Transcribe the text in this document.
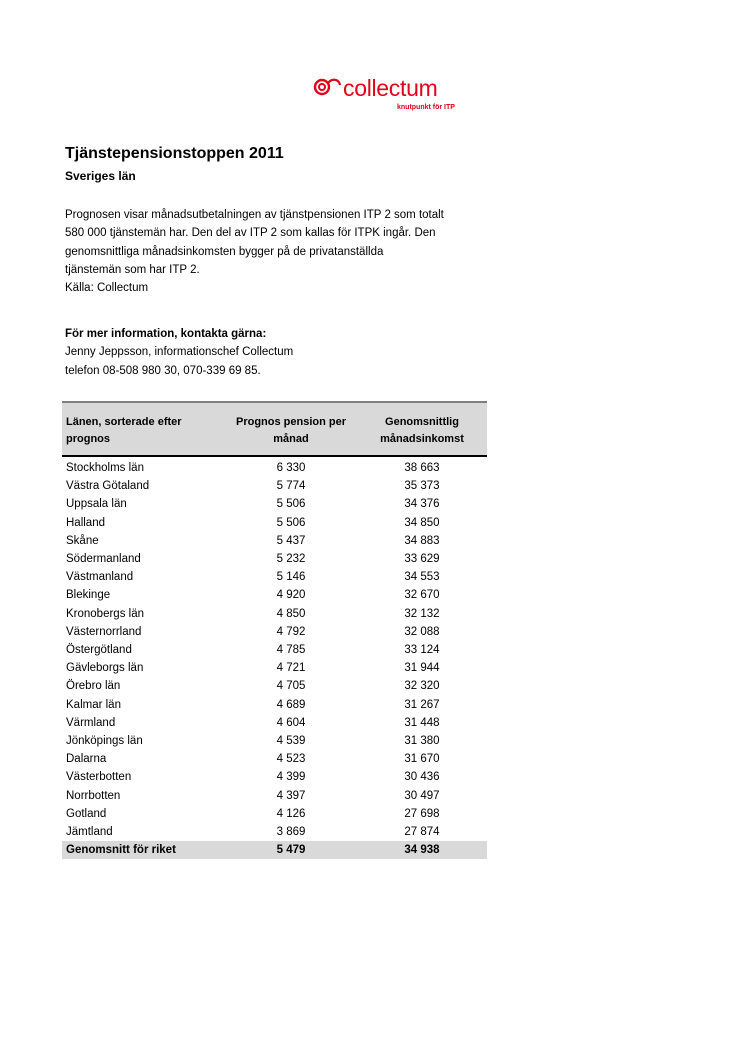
collectum
knutpunkt för ITP
Tjänstepensionstoppen 2011
Sveriges län
Prognosen visar månadsutbetalningen av tjänstpensionen ITP 2 som totalt
580 000 tjänstemän har. Den del av ITP 2 som kallas för ITPK ingår. Den
genomsnittliga månadsinkomsten bygger på de privatanställda
tjänstemän som har ITP 2.
Källa: Collectum
För mer information, kontakta gärna:
Jenny Jeppsson, informationschef Collectum
telefon 08-508 980 30, 070-339 69 85.
Länen, sorterade efter prognos	Prognos pension per månad	Genomsnittlig månadsinkomst
Stockholms län	6 330	38 663
Västra Götaland	5 774	35 373
Uppsala län	5 506	34 376
Halland	5 506	34 850
Skåne	5 437	34 883
Södermanland	5 232	33 629
Västmanland	5 146	34 553
Blekinge	4 920	32 670
Kronobergs län	4 850	32 132
Västernorrland	4 792	32 088
Östergötland	4 785	33 124
Gävleborgs län	4 721	31 944
Örebro län	4 705	32 320
Kalmar län	4 689	31 267
Värmland	4 604	31 448
Jönköpings län	4 539	31 380
Dalarna	4 523	31 670
Västerbotten	4 399	30 436
Norrbotten	4 397	30 497
Gotland	4 126	27 698
Jämtland	3 869	27 874
Genomsnitt för riket	5 479	34 938
